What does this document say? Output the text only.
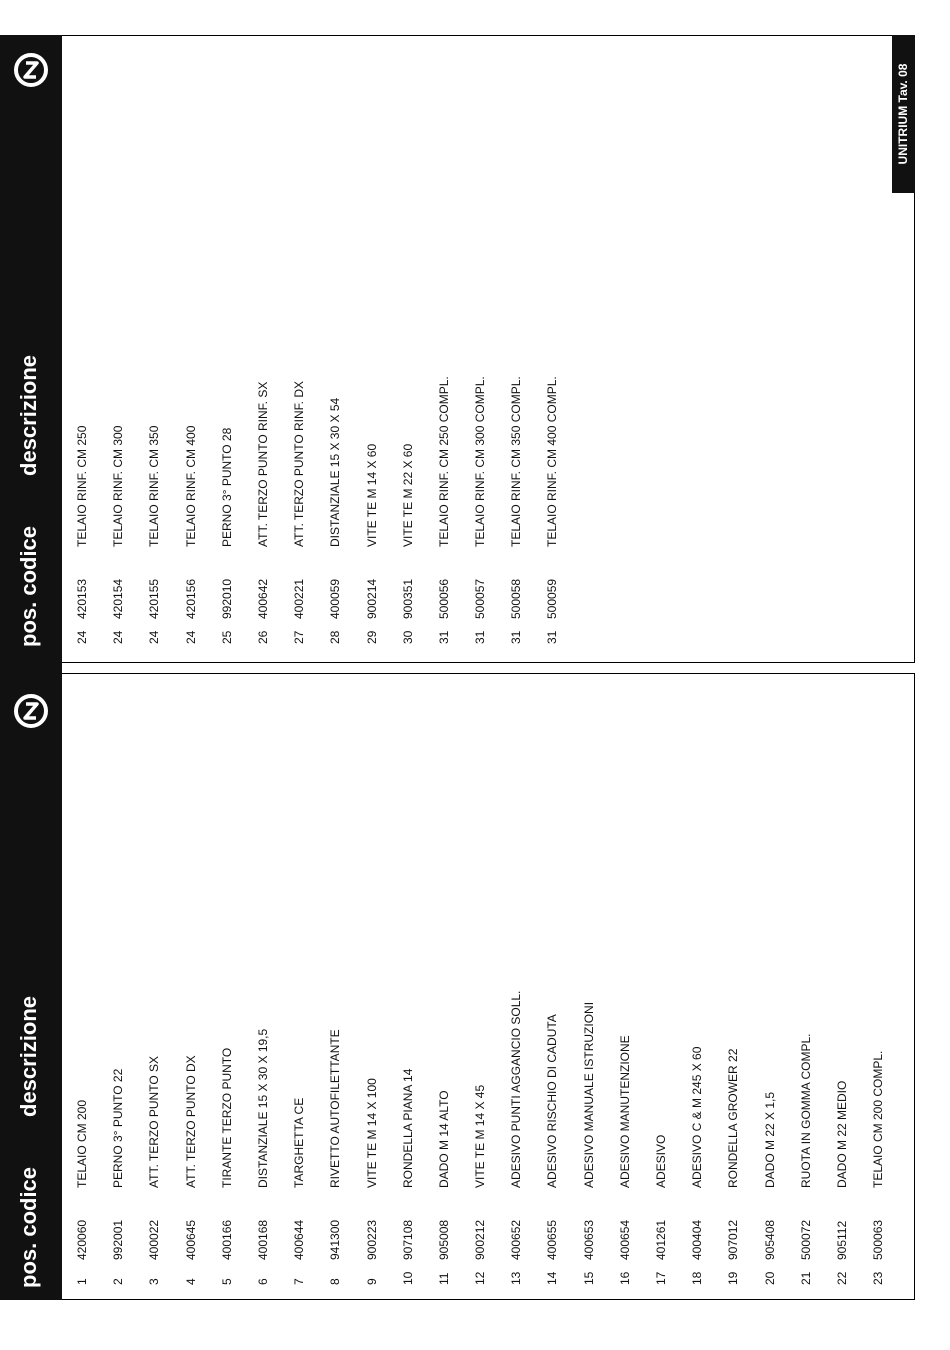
pos. codice
descrizione
1
420060
TELAIO CM 200
2
992001
PERNO 3° PUNTO 22
3
400022
ATT. TERZO PUNTO SX
4
400645
ATT. TERZO PUNTO DX
5
400166
TIRANTE TERZO PUNTO
6
400168
DISTANZIALE 15 X 30 X 19,5
7
400644
TARGHETTA CE
8
941300
RIVETTO AUTOFILETTANTE
9
900223
VITE TE M 14 X 100
10
907108
RONDELLA PIANA 14
11
905008
DADO M 14 ALTO
12
900212
VITE TE M 14 X 45
13
400652
ADESIVO PUNTI AGGANCIO SOLL.
14
400655
ADESIVO RISCHIO DI CADUTA
15
400653
ADESIVO MANUALE ISTRUZIONI
16
400654
ADESIVO MANUTENZIONE
17
401261
ADESIVO
18
400404
ADESIVO C & M 245 X 60
19
907012
RONDELLA GROWER 22
20
905408
DADO M 22 X 1,5
21
500072
RUOTA IN GOMMA COMPL.
22
905112
DADO M 22 MEDIO
23
500063
TELAIO CM 200 COMPL.
pos. codice
descrizione
24
420153
TELAIO RINF. CM 250
24
420154
TELAIO RINF. CM 300
24
420155
TELAIO RINF. CM 350
24
420156
TELAIO RINF. CM 400
25
992010
PERNO 3° PUNTO 28
26
400642
ATT. TERZO PUNTO RINF. SX
27
400221
ATT. TERZO PUNTO RINF. DX
28
400059
DISTANZIALE 15 X 30 X 54
29
900214
VITE TE M 14 X 60
30
900351
VITE TE M 22 X 60
31
500056
TELAIO RINF. CM 250 COMPL.
31
500057
TELAIO RINF. CM 300 COMPL.
31
500058
TELAIO RINF. CM 350 COMPL.
31
500059
TELAIO RINF. CM 400 COMPL.
UNITRIUM Tav. 08
